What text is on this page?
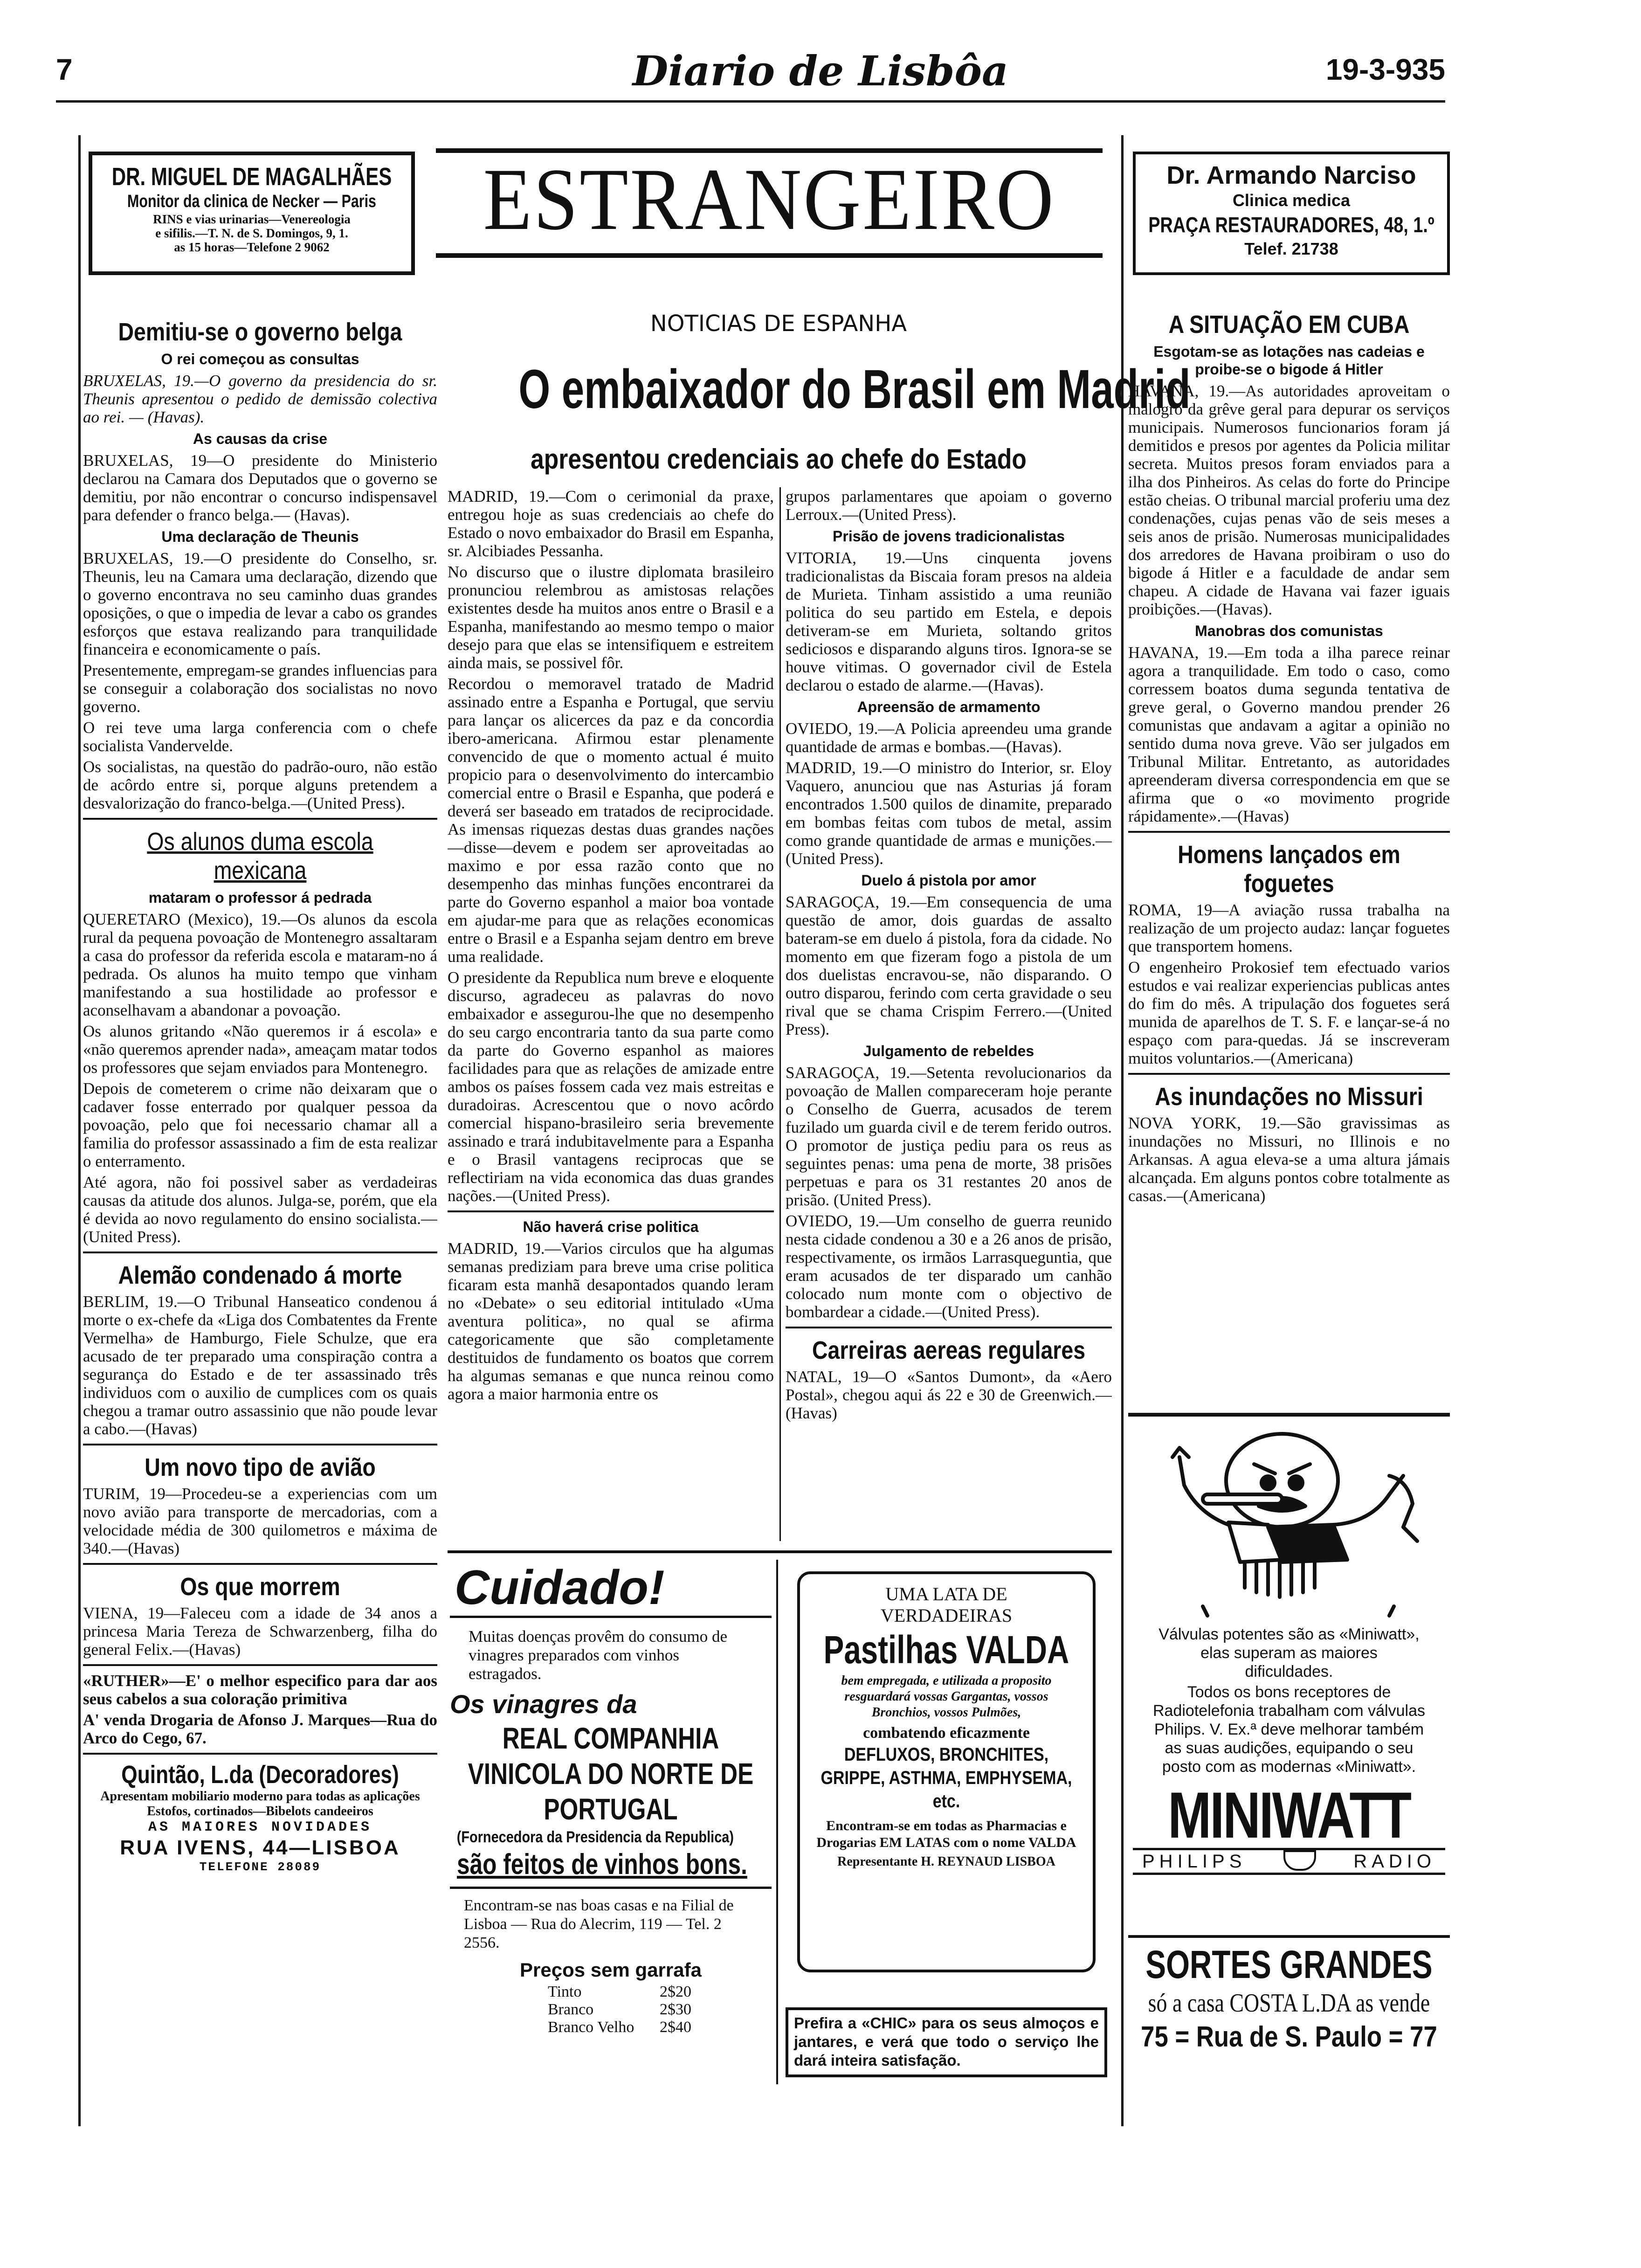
7	Diario de Lisbôa	19-3-935
DR. MIGUEL DE MAGALHÃES
Monitor da clinica de Necker — Paris
RINS e vias urinarias—Venereologia
e sifilis.—T. N. de S. Domingos, 9, 1.
as 15 horas—Telefone 2 9062	ESTRANGEIRO	Dr. Armando Narciso
Clinica medica
PRAÇA RESTAURADORES, 48, 1.º
Telef. 21738
Demitiu-se o governo belga
O rei começou as consultas

BRUXELAS, 19.—O governo da presidencia do sr. Theunis apresentou o pedido de demissão colectiva ao rei. — (Havas).

As causas da crise

BRUXELAS, 19—O presidente do Ministerio declarou na Camara dos Deputados que o governo se demitiu, por não encontrar o concurso indispensavel para defender o franco belga.— (Havas).

Uma declaração de Theunis

BRUXELAS, 19.—O presidente do Conselho, sr. Theunis, leu na Camara uma declaração, dizendo que o governo encontrava no seu caminho duas grandes oposições, o que o impedia de levar a cabo os grandes esforços que estava realizando para tranquilidade financeira e economicamente o país.

Presentemente, empregam-se grandes influencias para se conseguir a colaboração dos socialistas no novo governo.

O rei teve uma larga conferencia com o chefe socialista Vandervelde.

Os socialistas, na questão do padrão-ouro, não estão de acôrdo entre si, porque alguns pretendem a desvalorização do franco-belga.—(United Press).

Os alunos duma escola mexicana
mataram o professor á pedrada

QUERETARO (Mexico), 19.—Os alunos da escola rural da pequena povoação de Montenegro assaltaram a casa do professor da referida escola e mataram-no á pedrada. Os alunos ha muito tempo que vinham manifestando a sua hostilidade ao professor e aconselhavam a abandonar a povoação.

Os alunos gritando «Não queremos ir á escola» e «não queremos aprender nada», ameaçam matar todos os professores que sejam enviados para Montenegro.

Depois de cometerem o crime não deixaram que o cadaver fosse enterrado por qualquer pessoa da povoação, pelo que foi necessario chamar all a familia do professor assassinado a fim de esta realizar o enterramento.

Até agora, não foi possivel saber as verdadeiras causas da atitude dos alunos. Julga-se, porém, que ela é devida ao novo regulamento do ensino socialista.—(United Press).

Alemão condenado á morte

BERLIM, 19.—O Tribunal Hanseatico condenou á morte o ex-chefe da «Liga dos Combatentes da Frente Vermelha» de Hamburgo, Fiele Schulze, que era acusado de ter preparado uma conspiração contra a segurança do Estado e de ter assassinado três individuos com o auxilio de cumplices com os quais chegou a tramar outro assassinio que não poude levar a cabo.—(Havas)

Um novo tipo de avião

TURIM, 19—Procedeu-se a experiencias com um novo avião para transporte de mercadorias, com a velocidade média de 300 quilometros e máxima de 340.—(Havas)

Os que morrem

VIENA, 19—Faleceu com a idade de 34 anos a princesa Maria Tereza de Schwarzenberg, filha do general Felix.—(Havas)

«RUTHER»—E' o melhor especifico para dar aos seus cabelos a sua coloração primitiva

A' venda Drogaria de Afonso J. Marques—Rua do Arco do Cego, 67.

Quintão, L.da (Decoradores)
Apresentam mobiliario moderno para todas as aplicações
Estofos, cortinados—Bibelots candeeiros
AS MAIORES NOVIDADES
RUA IVENS, 44—LISBOA
TELEFONE 28089
NOTICIAS DE ESPANHA
O embaixador do Brasil em Madrid
apresentou credenciais ao chefe do Estado

MADRID, 19.—Com o cerimonial da praxe, entregou hoje as suas credenciais ao chefe do Estado o novo embaixador do Brasil em Espanha, sr. Alcibiades Pessanha.

No discurso que o ilustre diplomata brasileiro pronunciou relembrou as amistosas relações existentes desde ha muitos anos entre o Brasil e a Espanha, manifestando ao mesmo tempo o maior desejo para que elas se intensifiquem e estreitem ainda mais, se possivel fôr.

Recordou o memoravel tratado de Madrid assinado entre a Espanha e Portugal, que serviu para lançar os alicerces da paz e da concordia ibero-americana. Afirmou estar plenamente convencido de que o momento actual é muito propicio para o desenvolvimento do intercambio comercial entre o Brasil e Espanha, que poderá e deverá ser baseado em tratados de reciprocidade. As imensas riquezas destas duas grandes nações—disse—devem e podem ser aproveitadas ao maximo e por essa razão conto que no desempenho das minhas funções encontrarei da parte do Governo espanhol a maior boa vontade em ajudar-me para que as relações economicas entre o Brasil e a Espanha sejam dentro em breve uma realidade.

O presidente da Republica num breve e eloquente discurso, agradeceu as palavras do novo embaixador e assegurou-lhe que no desempenho do seu cargo encontraria tanto da sua parte como da parte do Governo espanhol as maiores facilidades para que as relações de amizade entre ambos os países fossem cada vez mais estreitas e duradoiras. Acrescentou que o novo acôrdo comercial hispano-brasileiro seria brevemente assinado e trará indubitavelmente para a Espanha e o Brasil vantagens reciprocas que se reflectiriam na vida economica das duas grandes nações.—(United Press).

Não haverá crise politica

MADRID, 19.—Varios circulos que ha algumas semanas prediziam para breve uma crise politica ficaram esta manhã desapontados quando leram no «Debate» o seu editorial intitulado «Uma aventura politica», no qual se afirma categoricamente que são completamente destituidos de fundamento os boatos que correm ha algumas semanas e que nunca reinou como agora a maior harmonia entre os

grupos parlamentares que apoiam o governo Lerroux.—(United Press).

Prisão de jovens tradicionalistas

VITORIA, 19.—Uns cinquenta jovens tradicionalistas da Biscaia foram presos na aldeia de Murieta. Tinham assistido a uma reunião politica do seu partido em Estela, e depois detiveram-se em Murieta, soltando gritos sediciosos e disparando alguns tiros. Ignora-se se houve vitimas. O governador civil de Estela declarou o estado de alarme.—(Havas).

Apreensão de armamento

OVIEDO, 19.—A Policia apreendeu uma grande quantidade de armas e bombas.—(Havas).

MADRID, 19.—O ministro do Interior, sr. Eloy Vaquero, anunciou que nas Asturias já foram encontrados 1.500 quilos de dinamite, preparado em bombas feitas com tubos de metal, assim como grande quantidade de armas e munições.—(United Press).

Duelo á pistola por amor

SARAGOÇA, 19.—Em consequencia de uma questão de amor, dois guardas de assalto bateram-se em duelo á pistola, fora da cidade. No momento em que fizeram fogo a pistola de um dos duelistas encravou-se, não disparando. O outro disparou, ferindo com certa gravidade o seu rival que se chama Crispim Ferrero.—(United Press).

Julgamento de rebeldes

SARAGOÇA, 19.—Setenta revolucionarios da povoação de Mallen compareceram hoje perante o Conselho de Guerra, acusados de terem fuzilado um guarda civil e de terem ferido outros. O promotor de justiça pediu para os reus as seguintes penas: uma pena de morte, 38 prisões perpetuas e para os 31 restantes 20 anos de prisão. (United Press).

OVIEDO, 19.—Um conselho de guerra reunido nesta cidade condenou a 30 e a 26 anos de prisão, respectivamente, os irmãos Larrasqueguntia, que eram acusados de ter disparado um canhão colocado num monte com o objectivo de bombardear a cidade.—(United Press).

Carreiras aereas regulares

NATAL, 19—O «Santos Dumont», da «Aero Postal», chegou aqui ás 22 e 30 de Greenwich.—(Havas)

Cuidado!
Muitas doenças provêm do consumo de vinagres preparados com vinhos estragados.
Os vinagres da
REAL COMPANHIA VINICOLA DO NORTE DE PORTUGAL
(Fornecedora da Presidencia da Republica)
são feitos de vinhos bons.
Encontram-se nas boas casas e na Filial de Lisboa — Rua do Alecrim, 119 — Tel. 2 2556.
Preços sem garrafa
Tinto	2$20
Branco	2$30
Branco Velho 2$40
UMA LATA DE VERDADEIRAS
Pastilhas VALDA
bem empregada, e utilizada a proposito resguardará vossas Gargantas, vossos Bronchios, vossos Pulmões,
combatendo eficazmente
DEFLUXOS, BRONCHITES, GRIPPE, ASTHMA, EMPHYSEMA, etc.
Encontram-se em todas as Pharmacias e Drogarias EM LATAS com o nome VALDA
Representante H. REYNAUD LISBOA
Prefira a «CHIC» para os seus almoços e jantares, e verá que todo o serviço lhe dará inteira satisfação.
A SITUAÇÃO EM CUBA
Esgotam-se as lotações nas cadeias e proibe-se o bigode á Hitler

HAVANA, 19.—As autoridades aproveitam o malogro da grêve geral para depurar os serviços municipais. Numerosos funcionarios foram já demitidos e presos por agentes da Policia militar secreta. Muitos presos foram enviados para a ilha dos Pinheiros. As celas do forte do Principe estão cheias. O tribunal marcial proferiu uma dez condenações, cujas penas vão de seis meses a seis anos de prisão. Numerosas municipalidades dos arredores de Havana proibiram o uso do bigode á Hitler e a faculdade de andar sem chapeu. A cidade de Havana vai fazer iguais proibições.—(Havas).

Manobras dos comunistas

HAVANA, 19.—Em toda a ilha parece reinar agora a tranquilidade. Em todo o caso, como corressem boatos duma segunda tentativa de greve geral, o Governo mandou prender 26 comunistas que andavam a agitar a opinião no sentido duma nova greve. Vão ser julgados em Tribunal Militar. Entretanto, as autoridades apreenderam diversa correspondencia em que se afirma que o «o movimento progride rápidamente».—(Havas)

Homens lançados em foguetes

ROMA, 19—A aviação russa trabalha na realização de um projecto audaz: lançar foguetes que transportem homens.

O engenheiro Prokosief tem efectuado varios estudos e vai realizar experiencias publicas antes do fim do mês. A tripulação dos foguetes será munida de aparelhos de T. S. F. e lançar-se-á no espaço com para-quedas. Já se inscreveram muitos voluntarios.—(Americana)

As inundações no Missuri

NOVA YORK, 19.—São gravissimas as inundações no Missuri, no Illinois e no Arkansas. A agua eleva-se a uma altura jámais alcançada. Em alguns pontos cobre totalmente as casas.—(Americana)

Válvulas potentes são as «Miniwatt», elas superam as maiores dificuldades.
Todos os bons receptores de Radiotelefonia trabalham com válvulas Philips. V. Ex.ª deve melhorar também as suas audições, equipando o seu posto com as modernas «Miniwatt».
MINIWATT
PHILIPS	RADIO
SORTES GRANDES
só a casa COSTA L.DA as vende
75 = Rua de S. Paulo = 77
